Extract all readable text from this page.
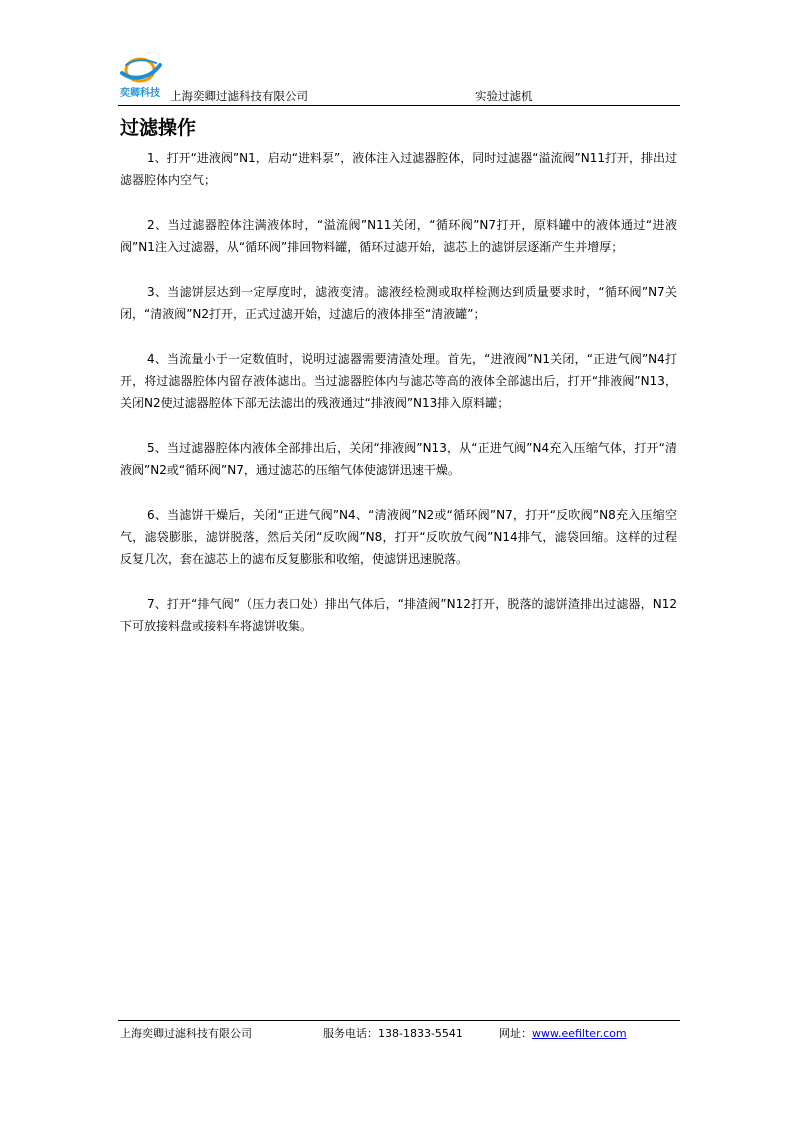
奕卿科技 上海奕卿过滤科技有限公司	实验过滤机
过滤操作

1、打开“进液阀”N1，启动“进料泵”，液体注入过滤器腔体，同时过滤器“溢流阀”N11打开，排出过滤器腔体内空气；

2、当过滤器腔体注满液体时，“溢流阀”N11关闭，“循环阀”N7打开，原料罐中的液体通过“进液阀”N1注入过滤器，从“循环阀”排回物料罐，循环过滤开始，滤芯上的滤饼层逐渐产生并增厚；

3、当滤饼层达到一定厚度时，滤液变清。滤液经检测或取样检测达到质量要求时，“循环阀”N7关闭，“清液阀”N2打开，正式过滤开始，过滤后的液体排至“清液罐”；

4、当流量小于一定数值时，说明过滤器需要清渣处理。首先，“进液阀”N1关闭，“正进气阀”N4打开，将过滤器腔体内留存液体滤出。当过滤器腔体内与滤芯等高的液体全部滤出后，打开“排液阀”N13，关闭N2使过滤器腔体下部无法滤出的残液通过“排液阀”N13排入原料罐；

5、当过滤器腔体内液体全部排出后，关闭“排液阀”N13，从“正进气阀”N4充入压缩气体，打开“清液阀”N2或“循环阀”N7，通过滤芯的压缩气体使滤饼迅速干燥。

6、当滤饼干燥后，关闭“正进气阀”N4、“清液阀”N2或“循环阀”N7，打开“反吹阀”N8充入压缩空气，滤袋膨胀，滤饼脱落，然后关闭“反吹阀”N8，打开“反吹放气阀”N14排气，滤袋回缩。这样的过程反复几次，套在滤芯上的滤布反复膨胀和收缩，使滤饼迅速脱落。

7、打开“排气阀”（压力表口处）排出气体后，“排渣阀”N12打开，脱落的滤饼渣排出过滤器，N12下可放接料盘或接料车将滤饼收集。

上海奕卿过滤科技有限公司	服务电话：138-1833-5541	网址：www.eefilter.com
